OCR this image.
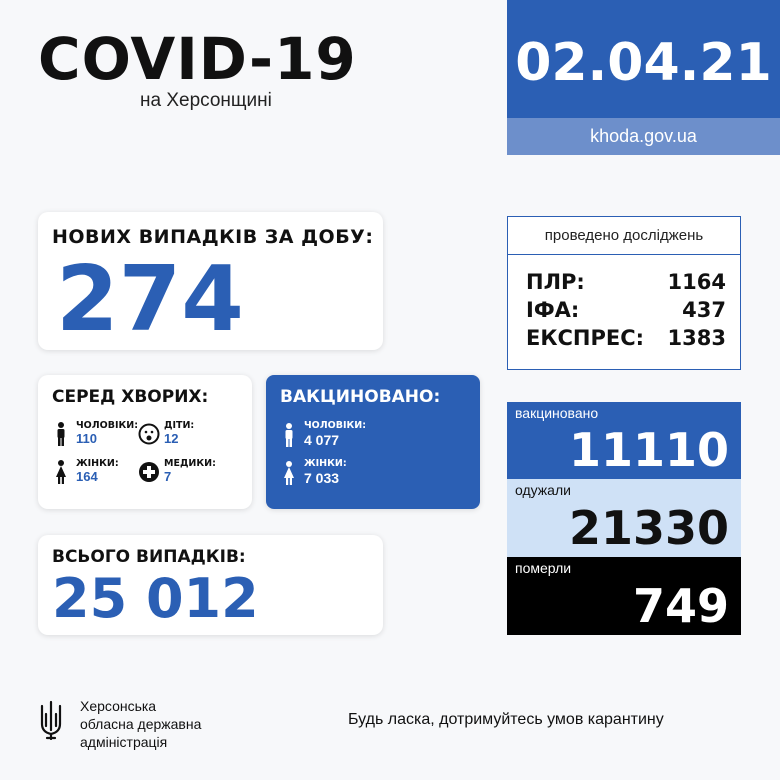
COVID-19
на Херсонщині
02.04.21
khoda.gov.ua
НОВИХ ВИПАДКІВ ЗА ДОБУ:
274
СЕРЕД ХВОРИХ:
ЧОЛОВІКИ:
110
ДІТИ:
12
ЖІНКИ:
164
МЕДИКИ:
7
ВАКЦИНОВАНО:
ЧОЛОВІКИ:
4 077
ЖІНКИ:
7 033
ВСЬОГО ВИПАДКІВ:
25 012
проведено досліджень
ПЛР:	1164
ІФА:	437
ЕКСПРЕС: 1383
вакциновано
11110
одужали
21330
померли
749
Херсонська
обласна державна
адміністрація
Будь ласка, дотримуйтесь умов карантину
